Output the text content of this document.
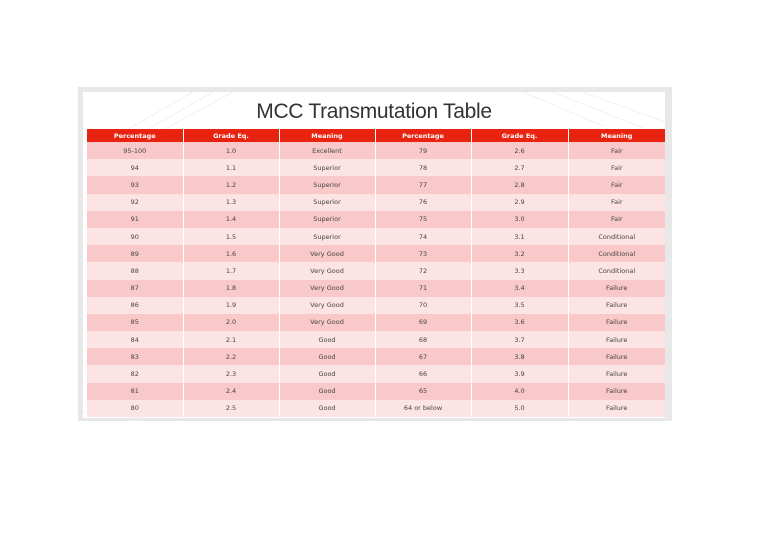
MCC Transmutation Table
Percentage	Grade Eq.	Meaning	Percentage	Grade Eq.	Meaning
95-100	1.0	Excellent	79	2.6	Fair
94	1.1	Superior	78	2.7	Fair
93	1.2	Superior	77	2.8	Fair
92	1.3	Superior	76	2.9	Fair
91	1.4	Superior	75	3.0	Fair
90	1.5	Superior	74	3.1	Conditional
89	1.6	Very Good	73	3.2	Conditional
88	1.7	Very Good	72	3.3	Conditional
87	1.8	Very Good	71	3.4	Failure
86	1.9	Very Good	70	3.5	Failure
85	2.0	Very Good	69	3.6	Failure
84	2.1	Good	68	3.7	Failure
83	2.2	Good	67	3.8	Failure
82	2.3	Good	66	3.9	Failure
81	2.4	Good	65	4.0	Failure
80	2.5	Good	64 or below	5.0	Failure
